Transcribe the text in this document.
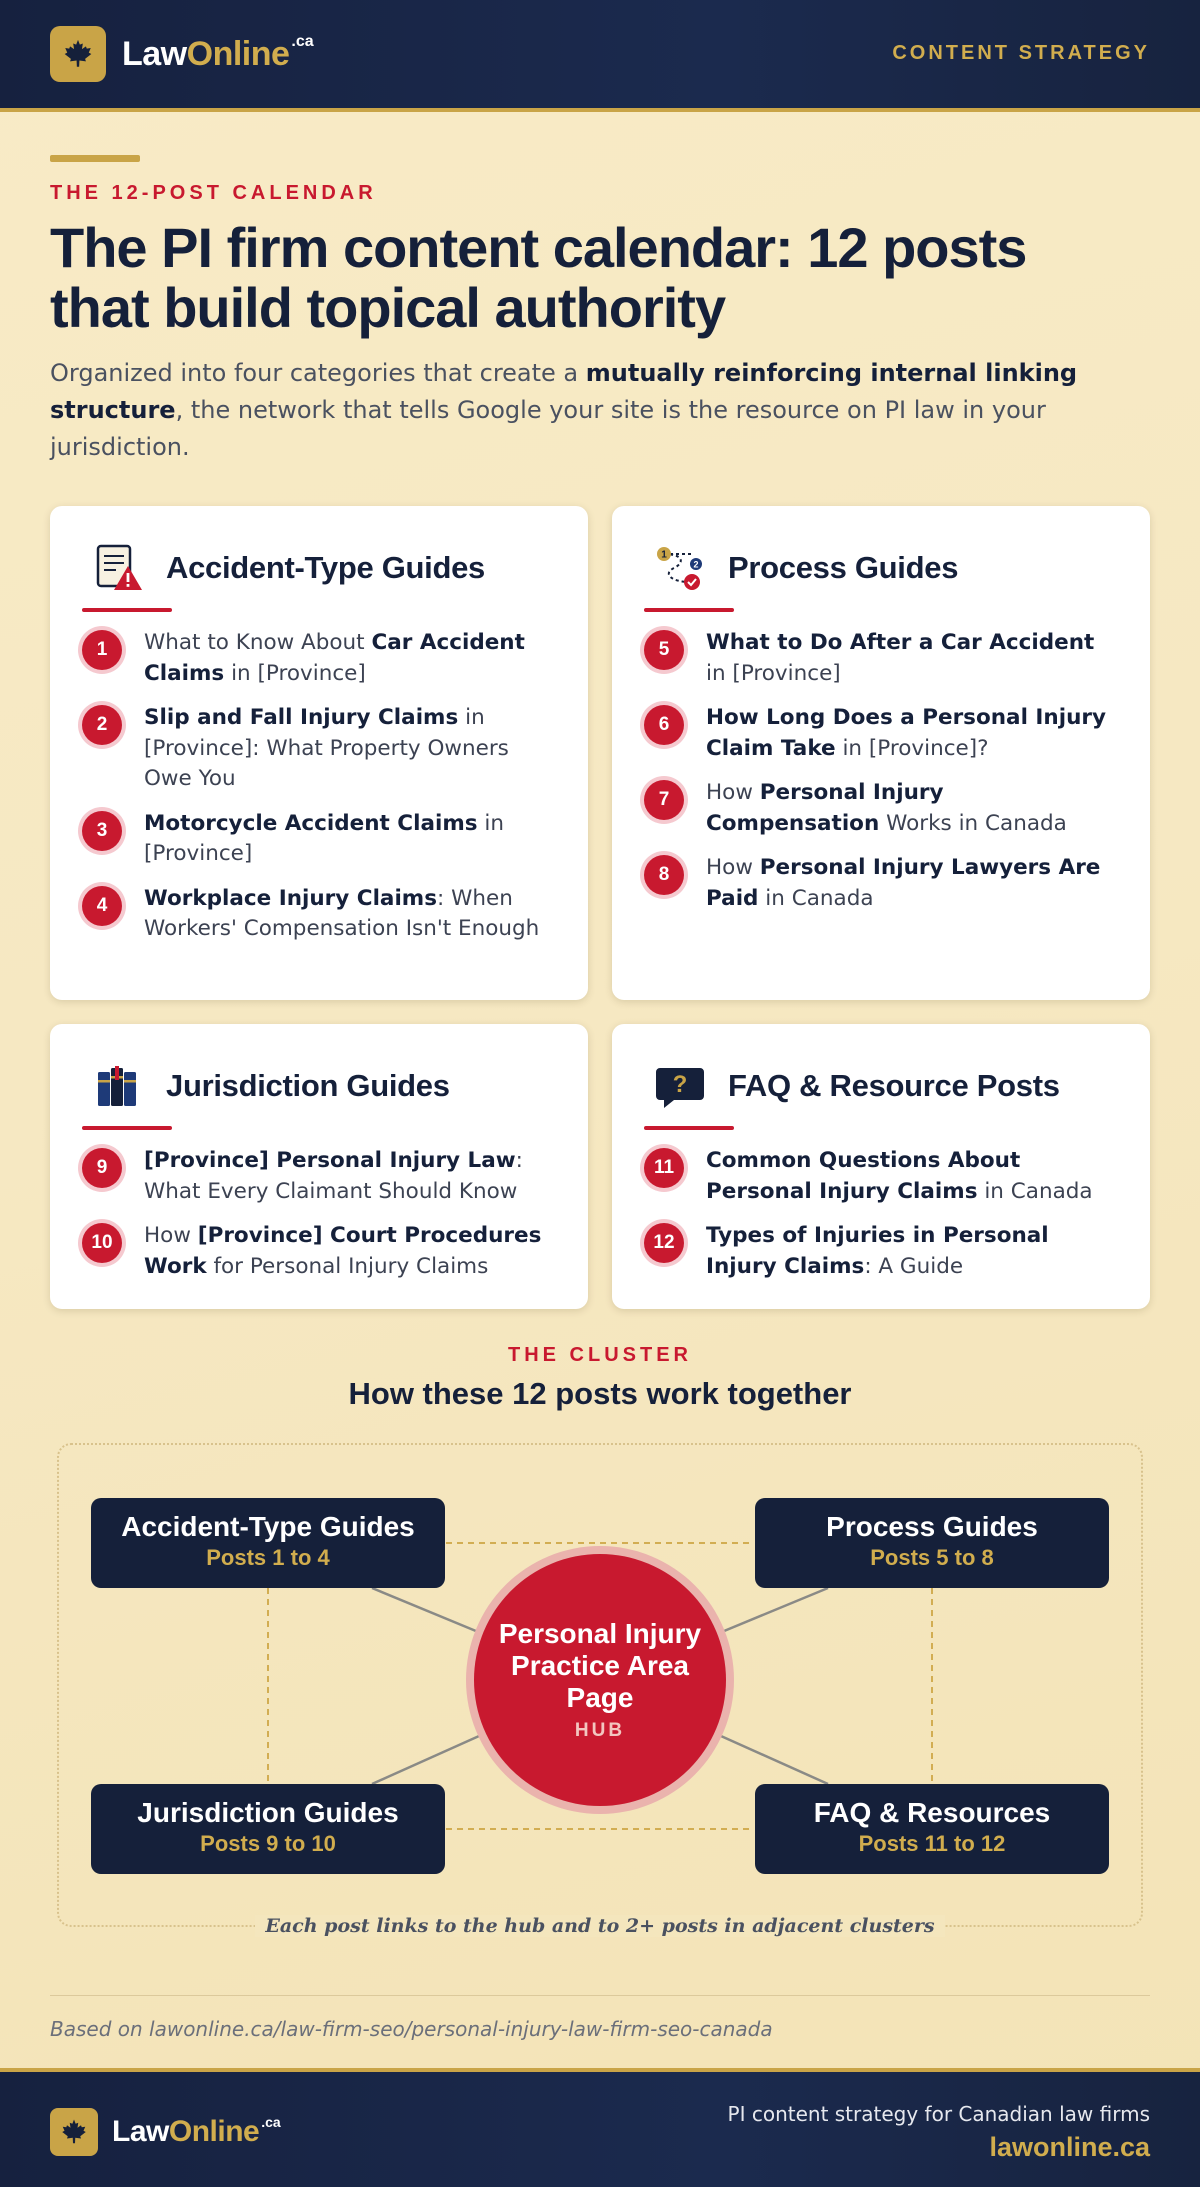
LawOnline .ca
CONTENT STRATEGY
THE 12-POST CALENDAR
The PI firm content calendar: 12 posts
that build topical authority

Organized into four categories that create a mutually reinforcing internal linking structure, the network that tells Google your site is the resource on PI law in your jurisdiction.

Accident-Type Guides
1	What to Know About Car Accident Claims in [Province]
2	Slip and Fall Injury Claims in [Province]: What Property Owners Owe You
3	Motorcycle Accident Claims in [Province]
4	Workplace Injury Claims: When Workers' Compensation Isn't Enough
1
2 Process Guides
5	What to Do After a Car Accident in [Province]
6	How Long Does a Personal Injury Claim Take in [Province]?
7	How Personal Injury Compensation Works in Canada
8	How Personal Injury Lawyers Are Paid in Canada
Jurisdiction Guides
9	[Province] Personal Injury Law: What Every Claimant Should Know
10	How [Province] Court Procedures Work for Personal Injury Claims
? FAQ & Resource Posts
11	Common Questions About Personal Injury Claims in Canada
12	Types of Injuries in Personal Injury Claims: A Guide
THE CLUSTER
How these 12 posts work together
Accident-Type Guides
Posts 1 to 4
Process Guides
Posts 5 to 8
Jurisdiction Guides
Posts 9 to 10
FAQ & Resources
Posts 11 to 12
Personal Injury Practice Area Page
HUB
Each post links to the hub and to 2+ posts in adjacent clusters
Based on lawonline.ca/law-firm-seo/personal-injury-law-firm-seo-canada
LawOnline .ca	PI content strategy for Canadian law firms
lawonline.ca
